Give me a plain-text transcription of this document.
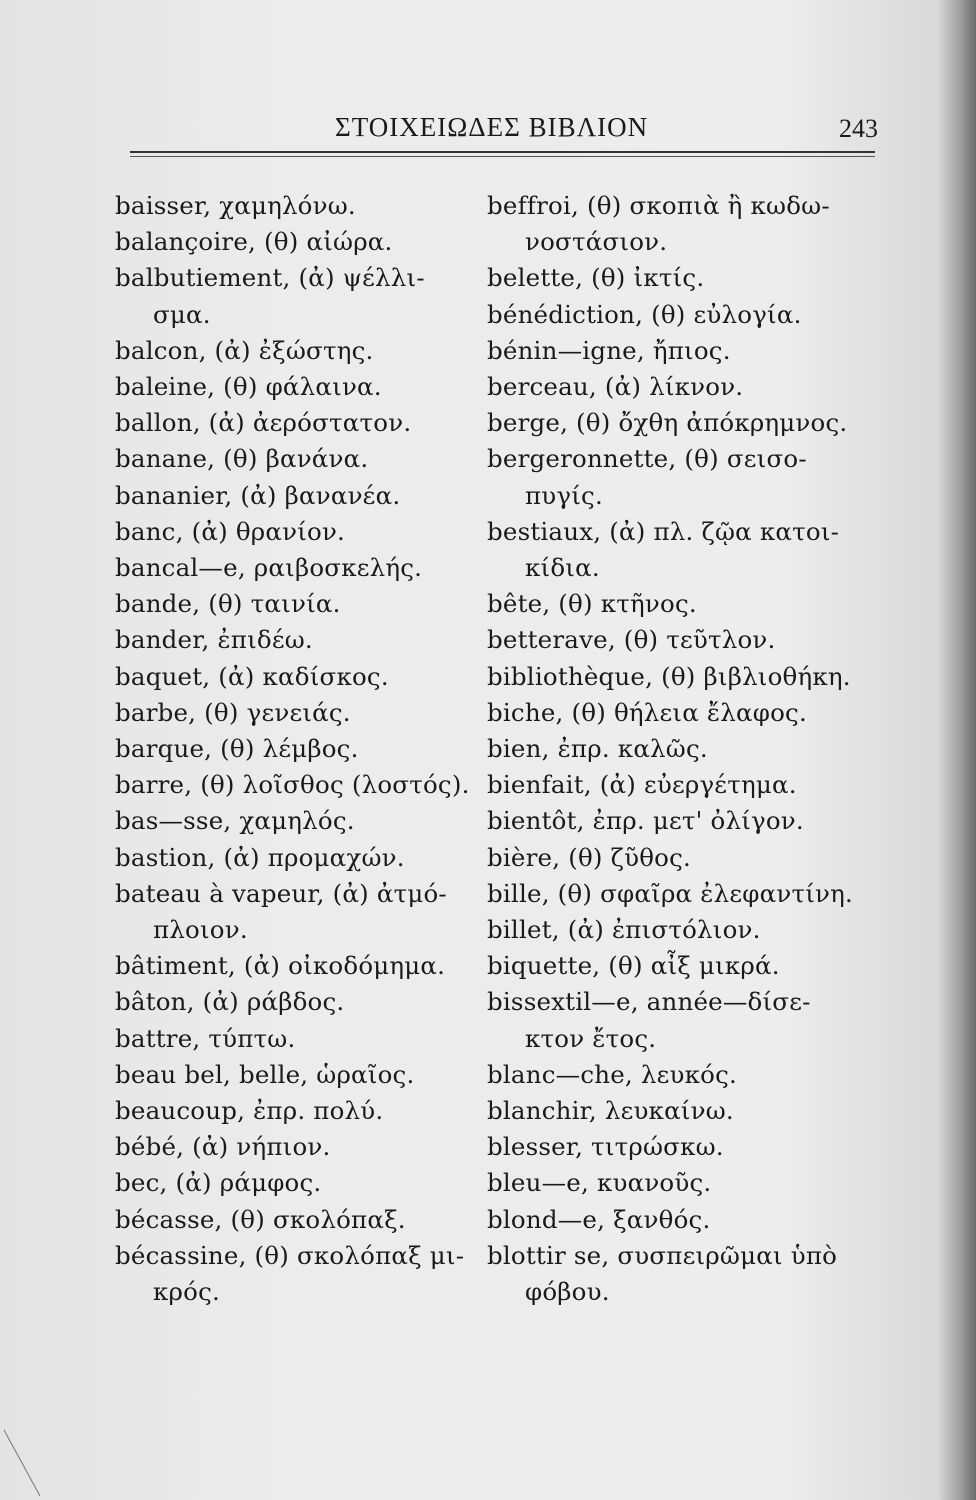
ΣΤΟΙΧΕΙΩΔΕΣ ΒΙΒΛΙΟΝ	243
baisser, χαμηλόνω.
balançoire, (θ) αἰώρα.
balbutiement, (ἀ) ψέλλι-
σμα.
balcon, (ἀ) ἐξώστης.
baleine, (θ) φάλαινα.
ballon, (ἀ) ἀερόστατον.
banane, (θ) βανάνα.
bananier, (ἀ) βανανέα.
banc, (ἀ) θρανίον.
bancal—e, ραιβοσκελής.
bande, (θ) ταινία.
bander, ἐπιδέω.
baquet, (ἀ) καδίσκος.
barbe, (θ) γενειάς.
barque, (θ) λέμβος.
barre, (θ) λοῖσθος (λοστός).
bas—sse, χαμηλός.
bastion, (ἀ) προμαχών.
bateau à vapeur, (ἀ) ἀτμό-
πλοιον.
bâtiment, (ἀ) οἰκοδόμημα.
bâton, (ἀ) ράβδος.
battre, τύπτω.
beau bel, belle, ὡραῖος.
beaucoup, ἐπρ. πολύ.
bébé, (ἀ) νήπιον.
bec, (ἀ) ράμφος.
bécasse, (θ) σκολόπαξ.
bécassine, (θ) σκολόπαξ μι-
κρός.
beffroi, (θ) σκοπιὰ ἢ κωδω-
νοστάσιον.
belette, (θ) ἰκτίς.
bénédiction, (θ) εὐλογία.
bénin—igne, ἤπιος.
berceau, (ἀ) λίκνον.
berge, (θ) ὄχθη ἀπόκρημνος.
bergeronnette, (θ) σεισο-
πυγίς.
bestiaux, (ἀ) πλ. ζῷα κατοι-
κίδια.
bête, (θ) κτῆνος.
betterave, (θ) τεῦτλον.
bibliothèque, (θ) βιβλιοθήκη.
biche, (θ) θήλεια ἔλαφος.
bien, ἐπρ. καλῶς.
bienfait, (ἀ) εὐεργέτημα.
bientôt, ἐπρ. μετ' ὀλίγον.
bière, (θ) ζῦθος.
bille, (θ) σφαῖρα ἐλεφαντίνη.
billet, (ἀ) ἐπιστόλιον.
biquette, (θ) αἶξ μικρά.
bissextil—e, année—δίσε-
κτον ἔτος.
blanc—che, λευκός.
blanchir, λευκαίνω.
blesser, τιτρώσκω.
bleu—e, κυανοῦς.
blond—e, ξανθός.
blottir se, συσπειρῶμαι ὑπὸ
φόβου.
